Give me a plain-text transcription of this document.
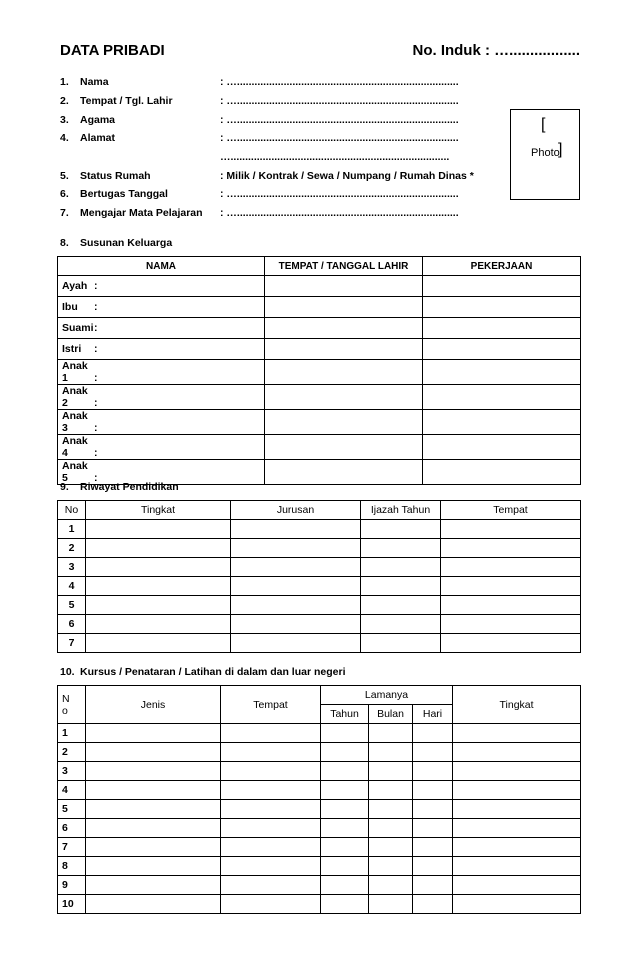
DATA PRIBADI	No. Induk : ….................
1. Nama	: …............................................................................
2. Tempat / Tgl. Lahir	: …............................................................................
3. Agama	: …............................................................................
4. Alamat	: …............................................................................
…...........................................................................
5. Status Rumah	: Milik / Kontrak / Sewa / Numpang / Rumah Dinas *
6. Bertugas Tanggal	: …............................................................................
7. Mengajar Mata Pelajaran : …............................................................................
[
]
Photo
8. Susunan Keluarga
NAMA	TEMPAT / TANGGAL LAHIR	PEKERJAAN
Ayah :		
Ibu :		
Suami:		
Istri :		
Anak 1 :		
Anak 2 :		
Anak 3 :		
Anak 4 :		
Anak 5 :		
9. Riwayat Pendidikan
No	Tingkat	Jurusan	Ijazah Tahun	Tempat
1				
2				
3				
4				
5				
6				
7				
10. Kursus / Penataran / Latihan di dalam dan luar negeri
N
o	Jenis	Tempat	Lamanya			Tingkat
			Tahun	Bulan	Hari	
1						
2						
3						
4						
5						
6						
7						
8						
9						
10						
